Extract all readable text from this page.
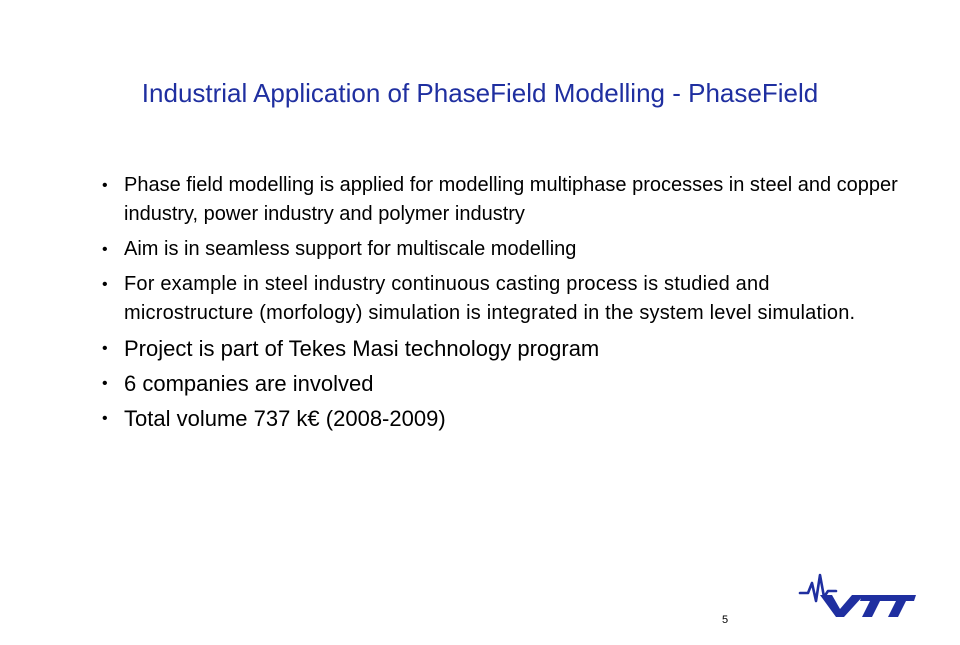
Industrial Application of PhaseField Modelling - PhaseField
• Phase field modelling is applied for modelling multiphase processes in steel and copper industry, power industry and polymer industry
• Aim is in seamless support for multiscale modelling
• For example in steel industry continuous casting process is studied and microstructure (morfology) simulation is integrated in the system level simulation.
• Project is part of Tekes Masi technology program
• 6 companies are involved
• Total volume 737 k€ (2008-2009)
5
